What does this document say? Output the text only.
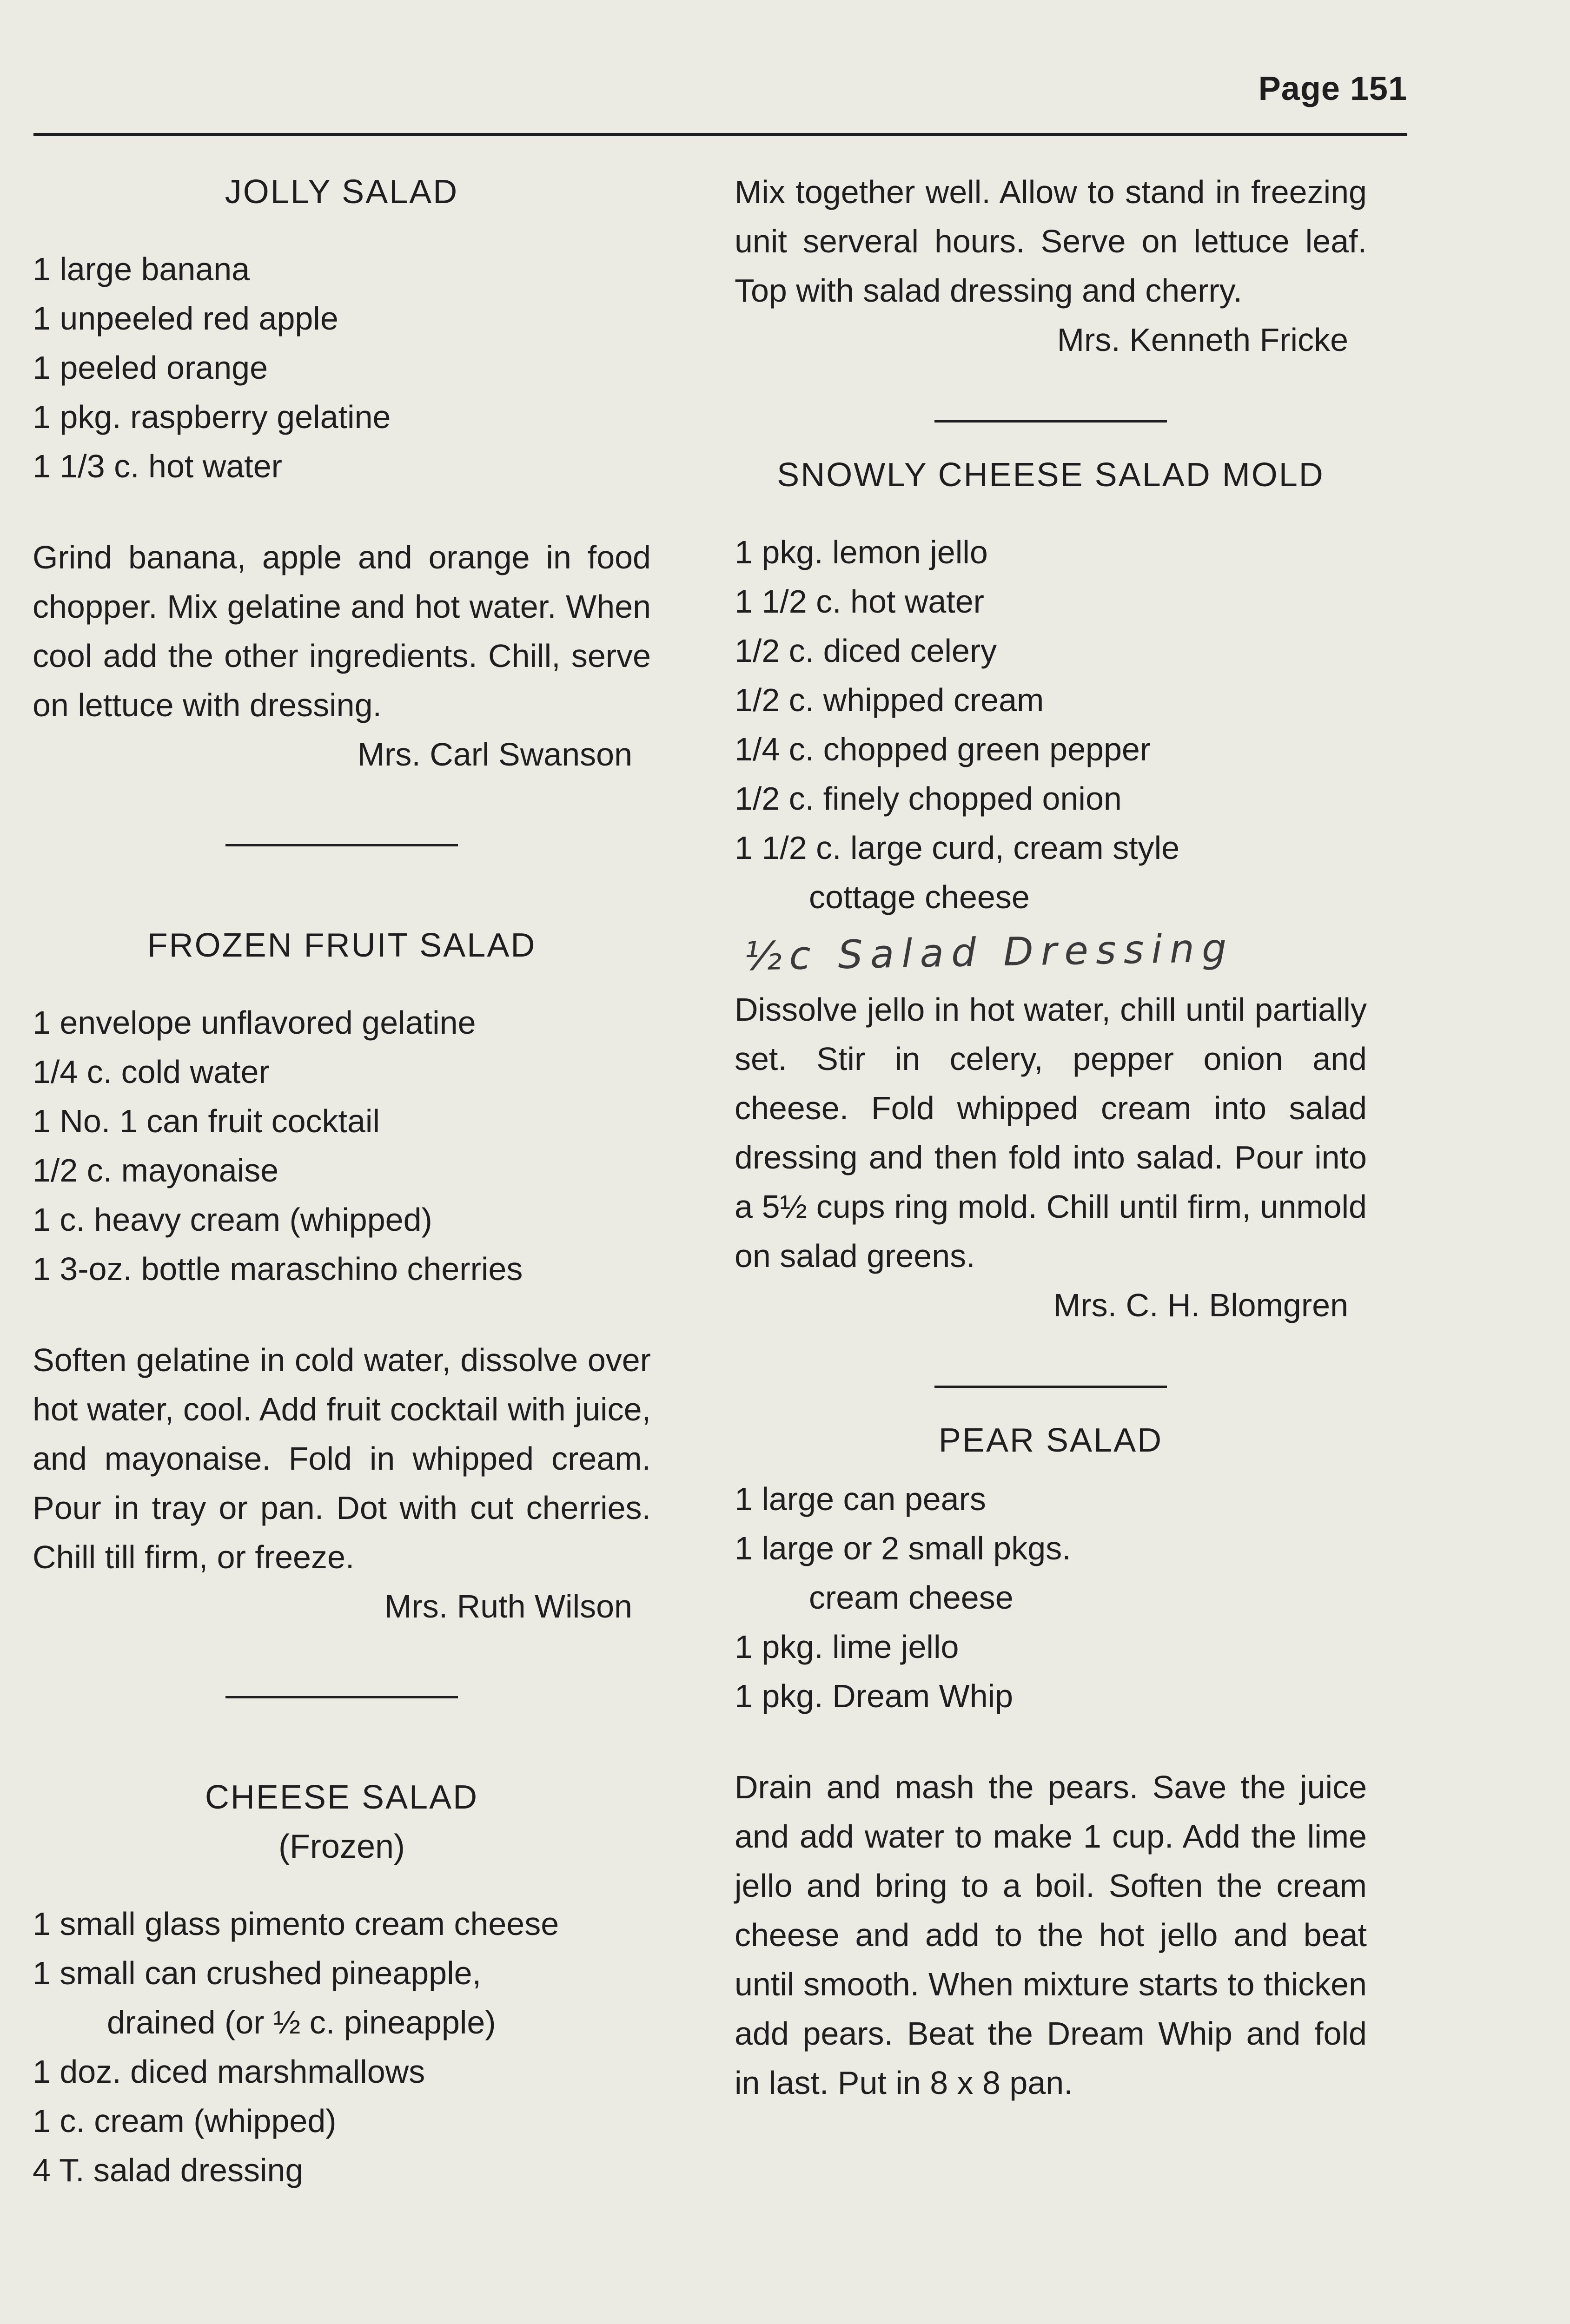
Page 151
JOLLY SALAD
1 large banana
1 unpeeled red apple
1 peeled orange
1 pkg. raspberry gelatine
1 1/3 c. hot water

Grind banana, apple and orange in food chopper. Mix gelatine and hot water. When cool add the other ingredients. Chill, serve on lettuce with dressing.

Mrs. Carl Swanson

FROZEN FRUIT SALAD
1 envelope unflavored gelatine
1/4 c. cold water
1 No. 1 can fruit cocktail
1/2 c. mayonaise
1 c. heavy cream (whipped)
1 3-oz. bottle maraschino cherries

Soften gelatine in cold water, dissolve over hot water, cool. Add fruit cocktail with juice, and mayonaise. Fold in whipped cream. Pour in tray or pan. Dot with cut cherries. Chill till firm, or freeze.

Mrs. Ruth Wilson

CHEESE SALAD
(Frozen)
1 small glass pimento cream cheese
1 small can crushed pineapple,
drained (or ½ c. pineapple)
1 doz. diced marshmallows
1 c. cream (whipped)
4 T. salad dressing

Mix together well. Allow to stand in freezing unit serveral hours. Serve on lettuce leaf. Top with salad dressing and cherry.

Mrs. Kenneth Fricke

SNOWLY CHEESE SALAD MOLD
1 pkg. lemon jello
1 1/2 c. hot water
1/2 c. diced celery
1/2 c. whipped cream
1/4 c. chopped green pepper
1/2 c. finely chopped onion
1 1/2 c. large curd, cream style
cottage cheese
½c Salad Dressing

Dissolve jello in hot water, chill until partially set. Stir in celery, pepper onion and cheese. Fold whipped cream into salad dressing and then fold into salad. Pour into a 5½ cups ring mold. Chill until firm, unmold on salad greens.

Mrs. C. H. Blomgren

PEAR SALAD
1 large can pears
1 large or 2 small pkgs.
cream cheese
1 pkg. lime jello
1 pkg. Dream Whip

Drain and mash the pears. Save the juice and add water to make 1 cup. Add the lime jello and bring to a boil. Soften the cream cheese and add to the hot jello and beat until smooth. When mixture starts to thicken add pears. Beat the Dream Whip and fold in last. Put in 8 x 8 pan.
